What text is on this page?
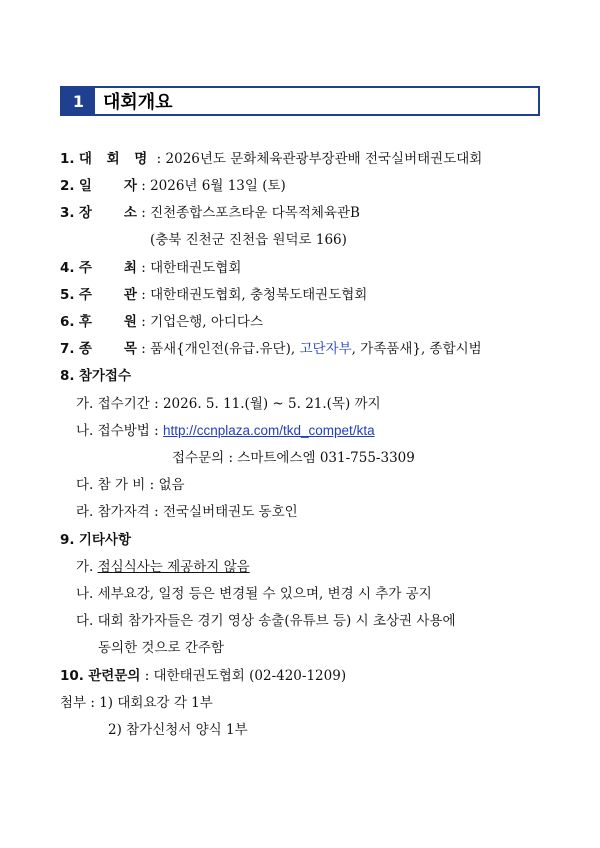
1	대회개요
1. 대 회 명 : 2026년도 문화체육관광부장관배 전국실버태권도대회
2. 일 자 : 2026년 6월 13일 (토)
3. 장 소 : 진천종합스포츠타운 다목적체육관B
(충북 진천군 진천읍 원덕로 166)
4. 주 최 : 대한태권도협회
5. 주 관 : 대한태권도협회, 충청북도태권도협회
6. 후 원 : 기업은행, 아디다스
7. 종 목 : 품새{개인전(유급.유단), 고단자부, 가족품새}, 종합시범
8. 참가접수
가. 접수기간 : 2026. 5. 11.(월) ~ 5. 21.(목) 까지
나. 접수방법 : http://ccnplaza.com/tkd_compet/kta
접수문의 : 스마트에스엠 031-755-3309
다. 참 가 비 : 없음
라. 참가자격 : 전국실버태권도 동호인
9. 기타사항
가. 점심식사는 제공하지 않음
나. 세부요강, 일정 등은 변경될 수 있으며, 변경 시 추가 공지
다. 대회 참가자들은 경기 영상 송출(유튜브 등) 시 초상권 사용에
동의한 것으로 간주함
10. 관련문의 : 대한태권도협회 (02-420-1209)
첨부 : 1) 대회요강 각 1부
2) 참가신청서 양식 1부
